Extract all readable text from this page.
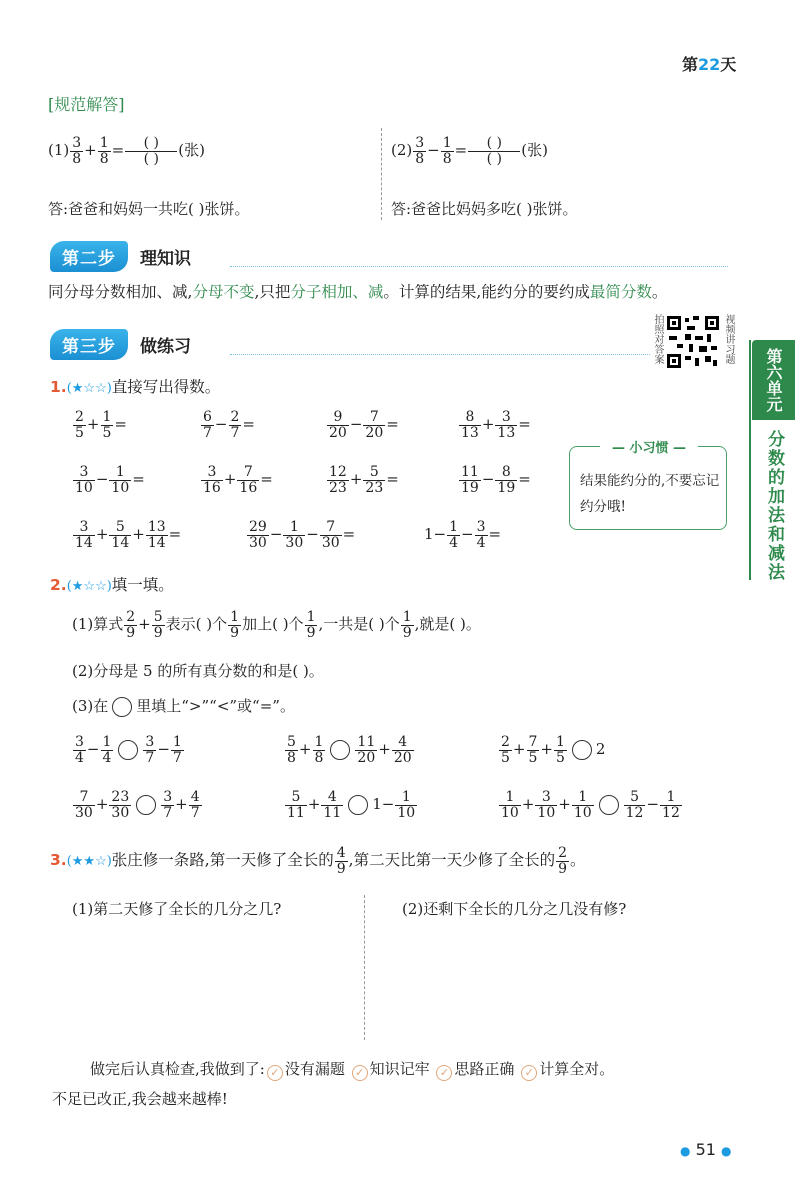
第22天
[规范解答]
$(1) \frac{3}{8} + \frac{1}{8} = \frac{( )}{( )}$ (张)
答:爸爸和妈妈一共吃( )张饼。
$(2) \frac{3}{8} - \frac{1}{8} = \frac{( )}{( )}$ (张)
答:爸爸比妈妈多吃( )张饼。
第二步	理知识
同分母分数相加、减,分母不变,只把分子相加、减。计算的结果,能约分的要约成最简分数。
第三步	做练习	拍照对答案	视频讲习题
第六单元
分数的加法和减法
1.(★☆☆)直接写出得数。
$\frac{2}{5} + \frac{1}{5}$ =	$\frac{6}{7} - \frac{2}{7}$ =	$\frac{9}{20} - \frac{7}{20}$ =	$\frac{8}{13} + \frac{3}{13}$ =
$\frac{3}{10} - \frac{1}{10}$ =	$\frac{3}{16} + \frac{7}{16}$ =	$\frac{12}{23} + \frac{5}{23}$ =	$\frac{11}{19} - \frac{8}{19}$ =
$\frac{3}{14} + \frac{5}{14} + \frac{13}{14}$ =	$\frac{29}{30} - \frac{1}{30} - \frac{7}{30}$ =	$1- \frac{1}{4} - \frac{3}{4}$ =
— 小习惯 —
结果能约分的,不要忘记约分哦!
2.(★☆☆)填一填。
(1)算式 $\frac{2}{9} + \frac{5}{9}$ 表示( )个 $\frac{1}{9}$ 加上( )个 $\frac{1}{9}$ ,一共是( )个 $\frac{1}{9}$ ,就是( )。
(2)分母是 5 的所有真分数的和是( )。
(3)在 里填上“>”“<”或“=”。
$\frac{3}{4} - \frac{1}{4} \frac{3}{7} - \frac{1}{7}$	$\frac{5}{8} + \frac{1}{8} \frac{11}{20} + \frac{4}{20}$	$\frac{2}{5} + \frac{7}{5} + \frac{1}{5} 2$
$\frac{7}{30} + \frac{23}{30} \frac{3}{7} + \frac{4}{7}$	$\frac{5}{11} + \frac{4}{11} 1- \frac{1}{10}$	$\frac{1}{10} + \frac{3}{10} + \frac{1}{10} \frac{5}{12} - \frac{1}{12}$
3.(★★☆)张庄修一条路,第一天修了全长的 $\frac{4}{9}$ ,第二天比第一天少修了全长的 $\frac{2}{9}$ 。
(1)第二天修了全长的几分之几?	(2)还剩下全长的几分之几没有修?
做完后认真检查,我做到了: ✓ 没有漏题 ✓ 知识记牢 ✓ 思路正确 ✓ 计算全对。
不足已改正,我会越来越棒!
● 51 ●
